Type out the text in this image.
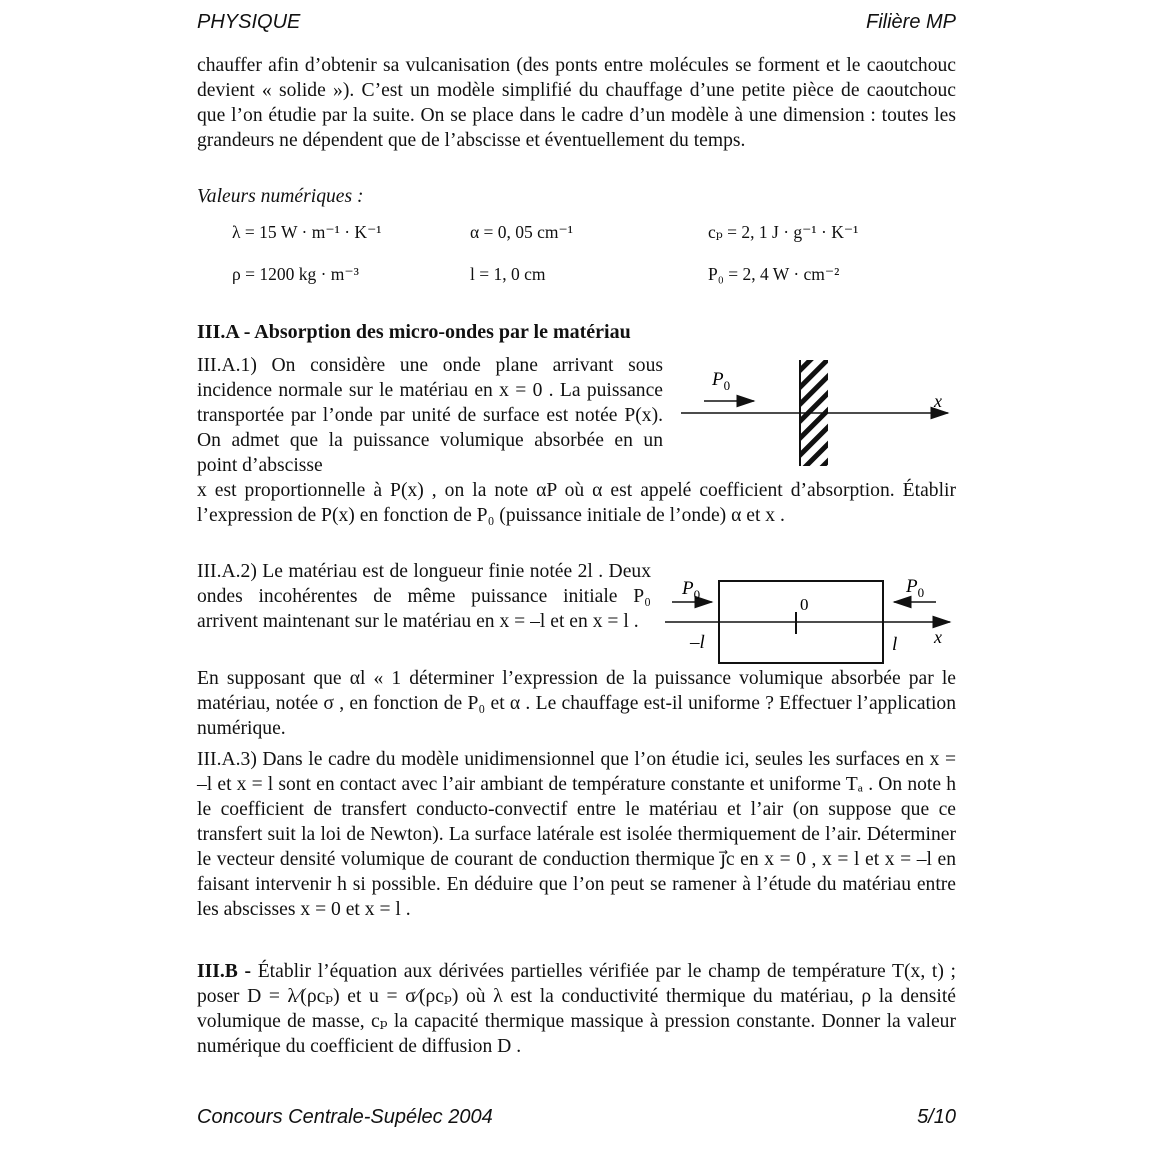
PHYSIQUE	Filière MP
chauffer afin d’obtenir sa vulcanisation (des ponts entre molécules se forment et le caoutchouc devient « solide »). C’est un modèle simplifié du chauffage d’une petite pièce de caoutchouc que l’on étudie par la suite. On se place dans le cadre d’un modèle à une dimension : toutes les grandeurs ne dépendent que de l’abscisse et éventuellement du temps.
Valeurs numériques :
λ = 15 W · m⁻¹ · K⁻¹	α = 0, 05 cm⁻¹	cₚ = 2, 1 J · g⁻¹ · K⁻¹
ρ = 1200 kg · m⁻³	l = 1, 0 cm	P₀ = 2, 4 W · cm⁻²
III.A - Absorption des micro-ondes par le matériau
III.A.1) On considère une onde plane arrivant sous incidence normale sur le matériau en x = 0 . La puissance transportée par l’onde par unité de surface est notée P(x). On admet que la puissance volumique absorbée en un point d’abscisse
x est proportionnelle à P(x) , on la note αP où α est appelé coefficient d’absorption. Établir l’expression de P(x) en fonction de P₀ (puissance initiale de l’onde) α et x .
$P_0$
x
III.A.2) Le matériau est de longueur finie notée 2l . Deux ondes incohérentes de même puissance initiale P₀ arrivent maintenant sur le matériau en x = –l et en x = l .
En supposant que αl « 1 déterminer l’expression de la puissance volumique absorbée par le matériau, notée σ , en fonction de P₀ et α . Le chauffage est-il uniforme ? Effectuer l’application numérique.
$P_0$	$P_0$
0
–l	l x
III.A.3) Dans le cadre du modèle unidimensionnel que l’on étudie ici, seules les surfaces en x = –l et x = l sont en contact avec l’air ambiant de température constante et uniforme Tₐ . On note h le coefficient de transfert conducto-convectif entre le matériau et l’air (on suppose que ce transfert suit la loi de Newton). La surface latérale est isolée thermiquement de l’air. Déterminer le vecteur densité volumique de courant de conduction thermique j⃗c en x = 0 , x = l et x = –l en faisant intervenir h si possible. En déduire que l’on peut se ramener à l’étude du matériau entre les abscisses x = 0 et x = l .
III.B - Établir l’équation aux dérivées partielles vérifiée par le champ de température T(x, t) ; poser D = λ⁄(ρcₚ) et u = σ⁄(ρcₚ) où λ est la conductivité thermique du matériau, ρ la densité volumique de masse, cₚ la capacité thermique massique à pression constante. Donner la valeur numérique du coefficient de diffusion D .
Concours Centrale-Supélec 2004	5/10
